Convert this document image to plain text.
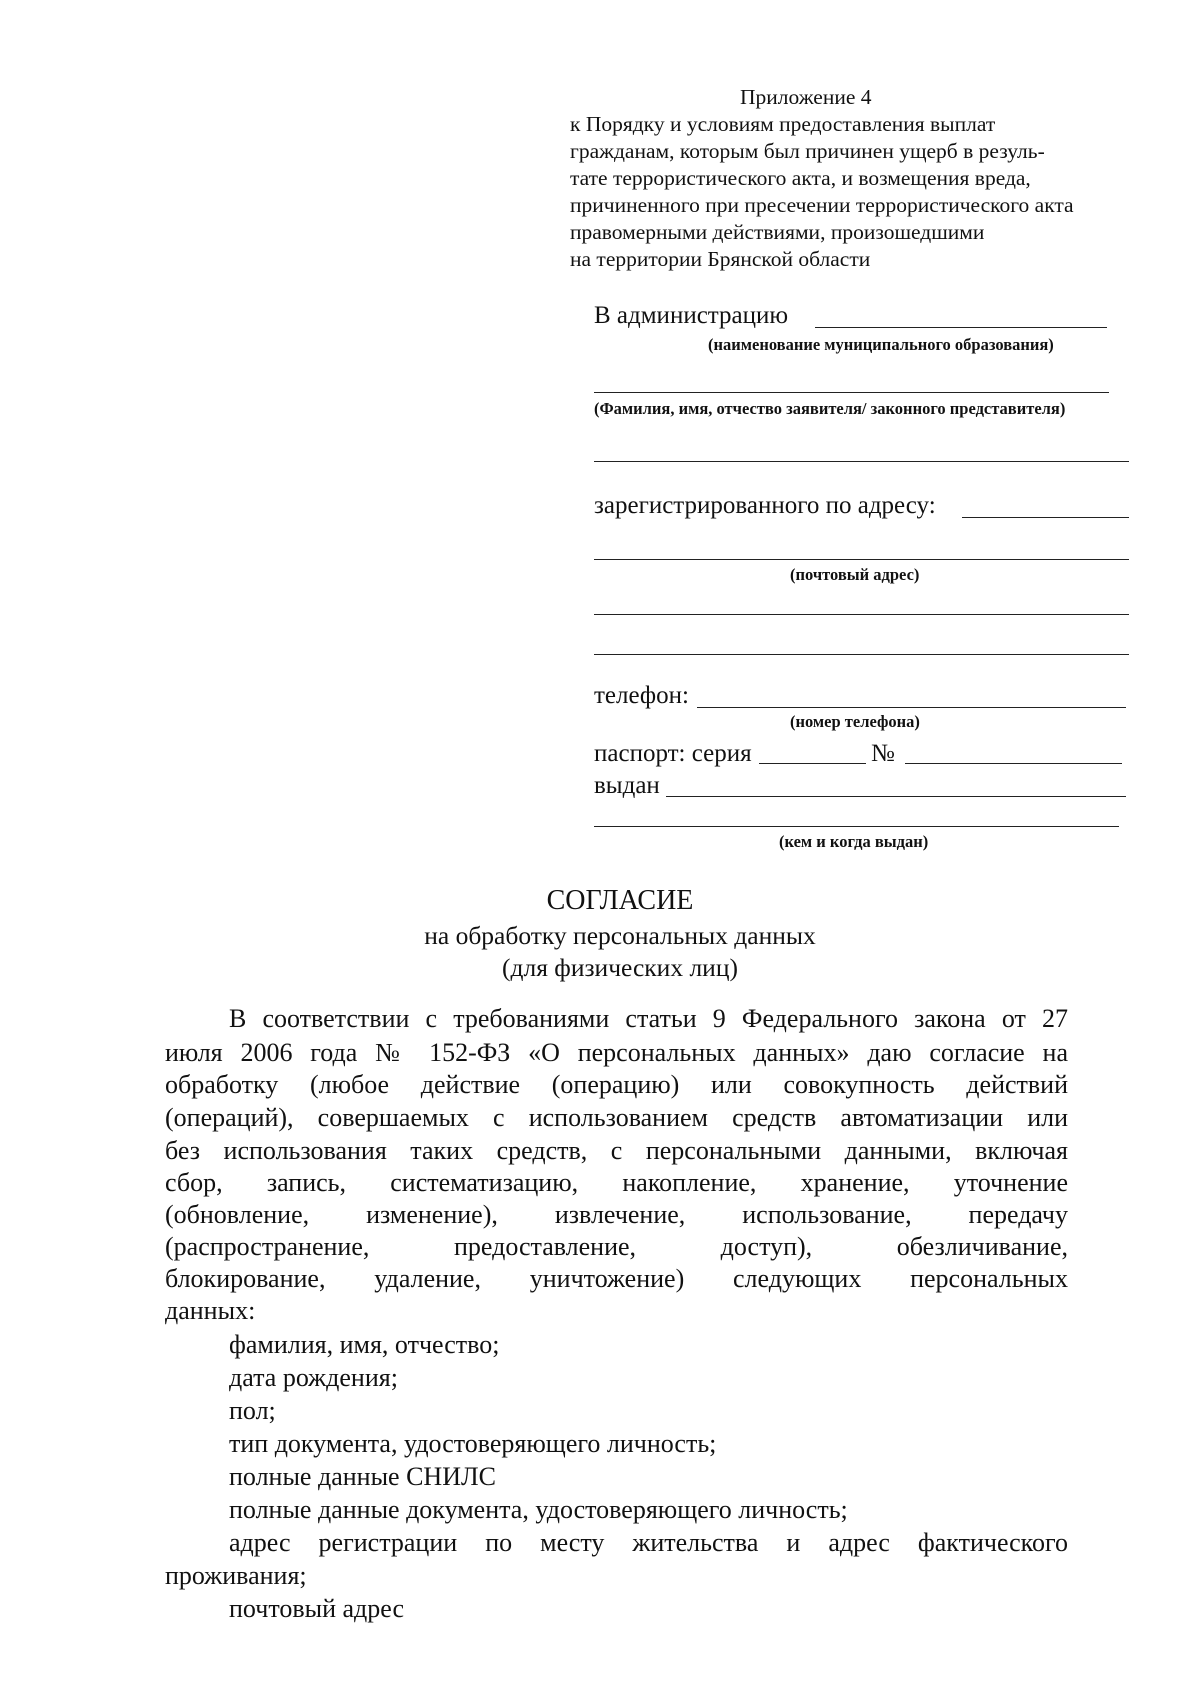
Приложение 4
к Порядку и условиям предоставления выплат
гражданам, которым был причинен ущерб в резуль-
тате террористического акта, и возмещения вреда,
причиненного при пресечении террористического акта
правомерными действиями, произошедшими
на территории Брянской области
В администрацию
(наименование муниципального образования)
(Фамилия, имя, отчество заявителя/ законного представителя)
зарегистрированного по адресу:
(почтовый адрес)
телефон:
(номер телефона)
паспорт: серия	№
выдан
(кем и когда выдан)
СОГЛАСИЕ
на обработку персональных данных
(для физических лиц)
В соответствии с требованиями статьи 9 Федерального закона от 27
июля 2006 года № 152-ФЗ «О персональных данных» даю согласие на
обработку (любое действие (операцию) или совокупность действий
(операций), совершаемых с использованием средств автоматизации или
без использования таких средств, с персональными данными, включая
сбор, запись, систематизацию, накопление, хранение, уточнение
(обновление, изменение), извлечение, использование, передачу
(распространение, предоставление, доступ), обезличивание,
блокирование, удаление, уничтожение) следующих персональных
данных:
фамилия, имя, отчество;
дата рождения;
пол;
тип документа, удостоверяющего личность;
полные данные СНИЛС
полные данные документа, удостоверяющего личность;
адрес регистрации по месту жительства и адрес фактического
проживания;
почтовый адрес
